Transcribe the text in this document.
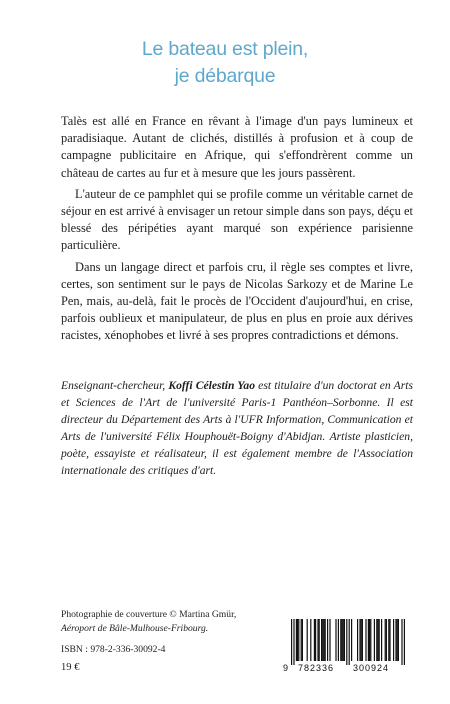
Le bateau est plein,
je débarque

Talès est allé en France en rêvant à l'image d'un pays lumineux et paradisiaque. Autant de clichés, distillés à profusion et à coup de campagne publicitaire en Afrique, qui s'effondrèrent comme un château de cartes au fur et à mesure que les jours passèrent.

L'auteur de ce pamphlet qui se profile comme un véritable carnet de séjour en est arrivé à envisager un retour simple dans son pays, déçu et blessé des péripéties ayant marqué son expérience parisienne particulière.

Dans un langage direct et parfois cru, il règle ses comptes et livre, certes, son sentiment sur le pays de Nicolas Sarkozy et de Marine Le Pen, mais, au-delà, fait le procès de l'Occident d'aujourd'hui, en crise, parfois oublieux et manipulateur, de plus en plus en proie aux dérives racistes, xénophobes et livré à ses propres contradictions et démons.

Enseignant-chercheur, Koffi Célestin Yao est titulaire d'un doctorat en Arts et Sciences de l'Art de l'université Paris-1 Panthéon–Sorbonne. Il est directeur du Département des Arts à l'UFR Information, Communication et Arts de l'université Félix Houphouët-Boigny d'Abidjan. Artiste plasticien, poète, essayiste et réalisateur, il est également membre de l'Association internationale des critiques d'art.
Photographie de couverture © Martina Gmür,
Aéroport de Bâle-Mulhouse-Fribourg.
ISBN : 978-2-336-30092-4
19 €	9 782336 300924
